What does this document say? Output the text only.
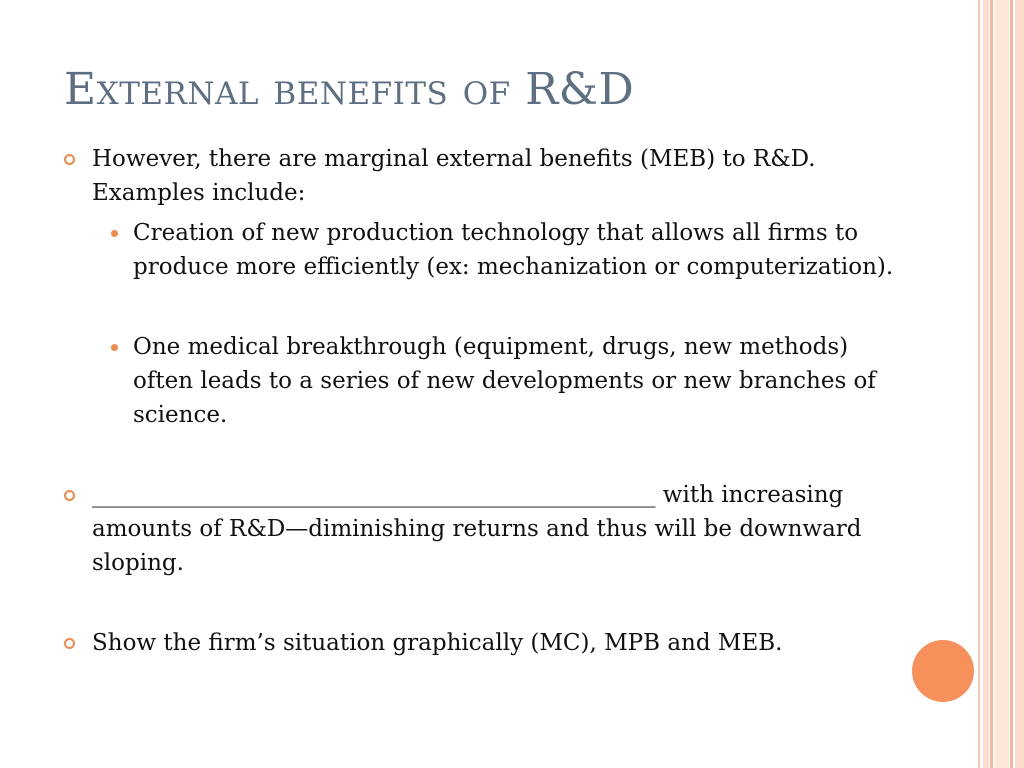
External benefits of R&D

However, there are marginal external benefits (MEB) to R&D. Examples include:

Creation of new production technology that allows all firms to produce more efficiently (ex: mechanization or computerization).

One medical breakthrough (equipment, drugs, new methods) often leads to a series of new developments or new branches of science.

_________________________________________________ with increasing amounts of R&D—diminishing returns and thus will be downward sloping.

Show the firm’s situation graphically (MC), MPB and MEB.
